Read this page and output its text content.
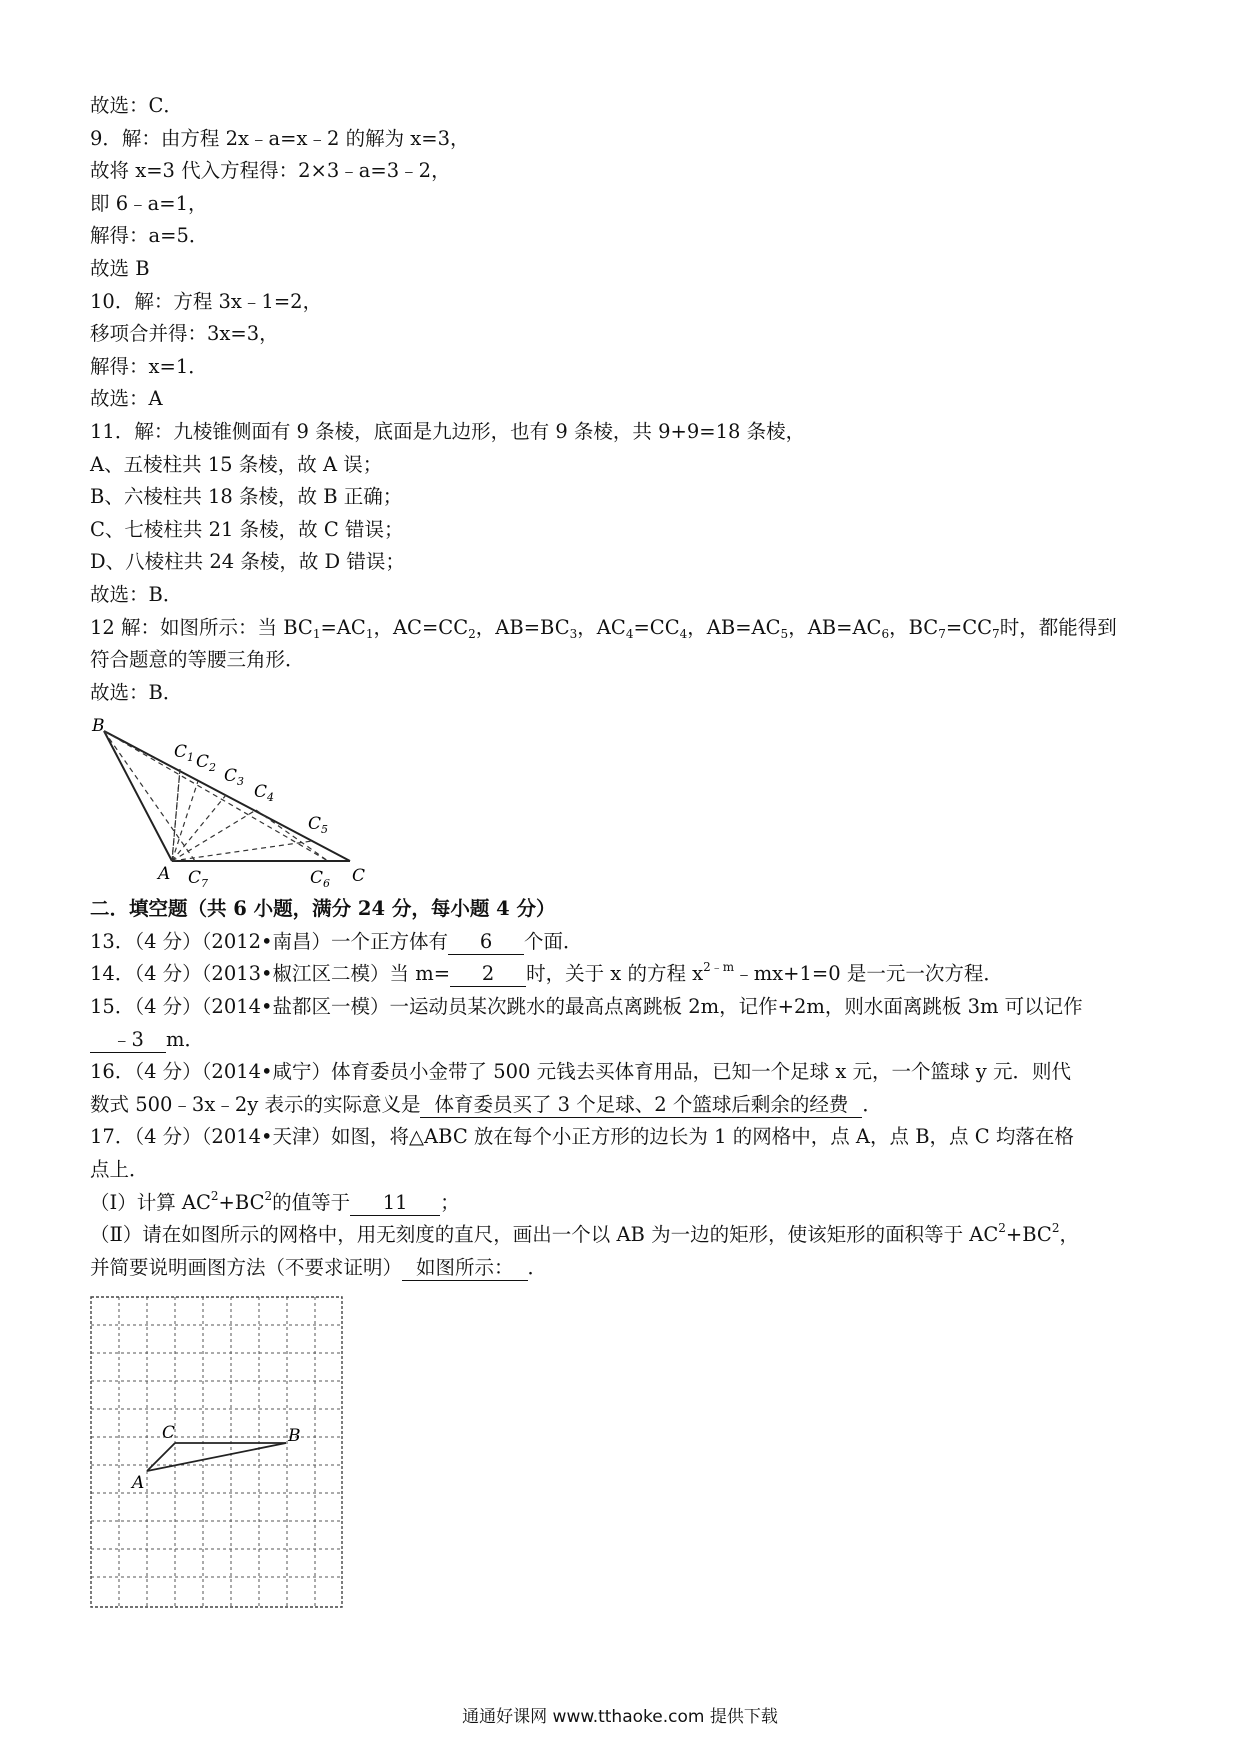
故选：C．
9．解：由方程 2x﹣a=x﹣2 的解为 x=3，
故将 x=3 代入方程得：2×3﹣a=3﹣2，
即 6﹣a=1，
解得：a=5．
故选 B
10．解：方程 3x﹣1=2，
移项合并得：3x=3，
解得：x=1．
故选：A
11．解：九棱锥侧面有 9 条棱，底面是九边形，也有 9 条棱，共 9+9=18 条棱，
A、五棱柱共 15 条棱，故 A 误；
B、六棱柱共 18 条棱，故 B 正确；
C、七棱柱共 21 条棱，故 C 错误；
D、八棱柱共 24 条棱，故 D 错误；
故选：B．
12 解：如图所示：当 $BC_1=AC_1$，$AC=CC_2$，$AB=BC_3$，$AC_4=CC_4$，$AB=AC_5$，$AB=AC_6$，$BC_7=CC_7$时，都能得到
符合题意的等腰三角形．
故选：B．
B
A	C
$C_1$ $C_2$ $C_3$
$C_4$
$C_5$
$C_6$
$C_7$
二．填空题（共 6 小题，满分 24 分，每小题 4 分）
13．（4 分）（2012•南昌）一个正方体有 6 个面．
14．（4 分）（2013•椒江区二模）当 m= 2 时，关于 x 的方程 $x^{2﹣m}﹣mx+1=0$ 是一元一次方程．
15．（4 分）（2014•盐都区一模）一运动员某次跳水的最高点离跳板 2m，记作+2m，则水面离跳板 3m 可以记作
﹣3 m．
16．（4 分）（2014•咸宁）体育委员小金带了 500 元钱去买体育用品，已知一个足球 x 元，一个篮球 y 元．则代
数式 500﹣3x﹣2y 表示的实际意义是 体育委员买了 3 个足球、2 个篮球后剩余的经费 ．
17．（4 分）（2014•天津）如图，将△ABC 放在每个小正方形的边长为 1 的网格中，点 A，点 B，点 C 均落在格
点上．
（Ⅰ）计算 $AC^2+BC^2$的值等于 11 ；
（Ⅱ）请在如图所示的网格中，用无刻度的直尺，画出一个以 AB 为一边的矩形，使该矩形的面积等于 $AC^2+BC^2$，
并简要说明画图方法（不要求证明） 如图所示： ．
C	B
A
通通好课网 www.tthaoke.com 提供下载
